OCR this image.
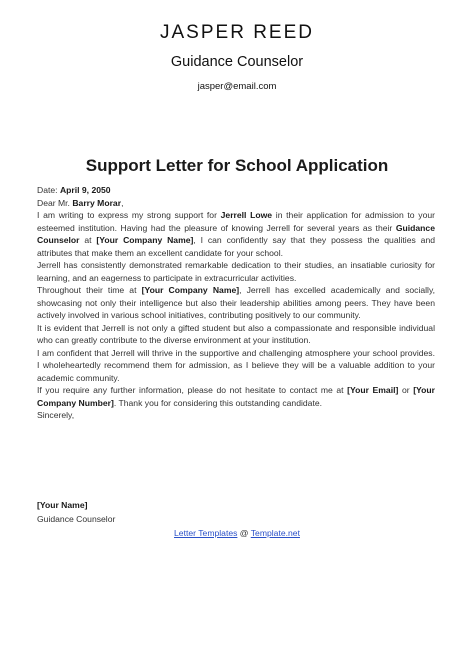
JASPER REED
Guidance Counselor
jasper@email.com
Support Letter for School Application

Date: April 9, 2050

Dear Mr. Barry Morar,

I am writing to express my strong support for Jerrell Lowe in their application for admission to your esteemed institution. Having had the pleasure of knowing Jerrell for several years as their Guidance Counselor at [Your Company Name], I can confidently say that they possess the qualities and attributes that make them an excellent candidate for your school.

Jerrell has consistently demonstrated remarkable dedication to their studies, an insatiable curiosity for learning, and an eagerness to participate in extracurricular activities.

Throughout their time at [Your Company Name], Jerrell has excelled academically and socially, showcasing not only their intelligence but also their leadership abilities among peers. They have been actively involved in various school initiatives, contributing positively to our community.

It is evident that Jerrell is not only a gifted student but also a compassionate and responsible individual who can greatly contribute to the diverse environment at your institution.

I am confident that Jerrell will thrive in the supportive and challenging atmosphere your school provides. I wholeheartedly recommend them for admission, as I believe they will be a valuable addition to your academic community.

If you require any further information, please do not hesitate to contact me at [Your Email] or [Your Company Number]. Thank you for considering this outstanding candidate.

Sincerely,

[Your Name]
Guidance Counselor
Letter Templates @ Template.net
